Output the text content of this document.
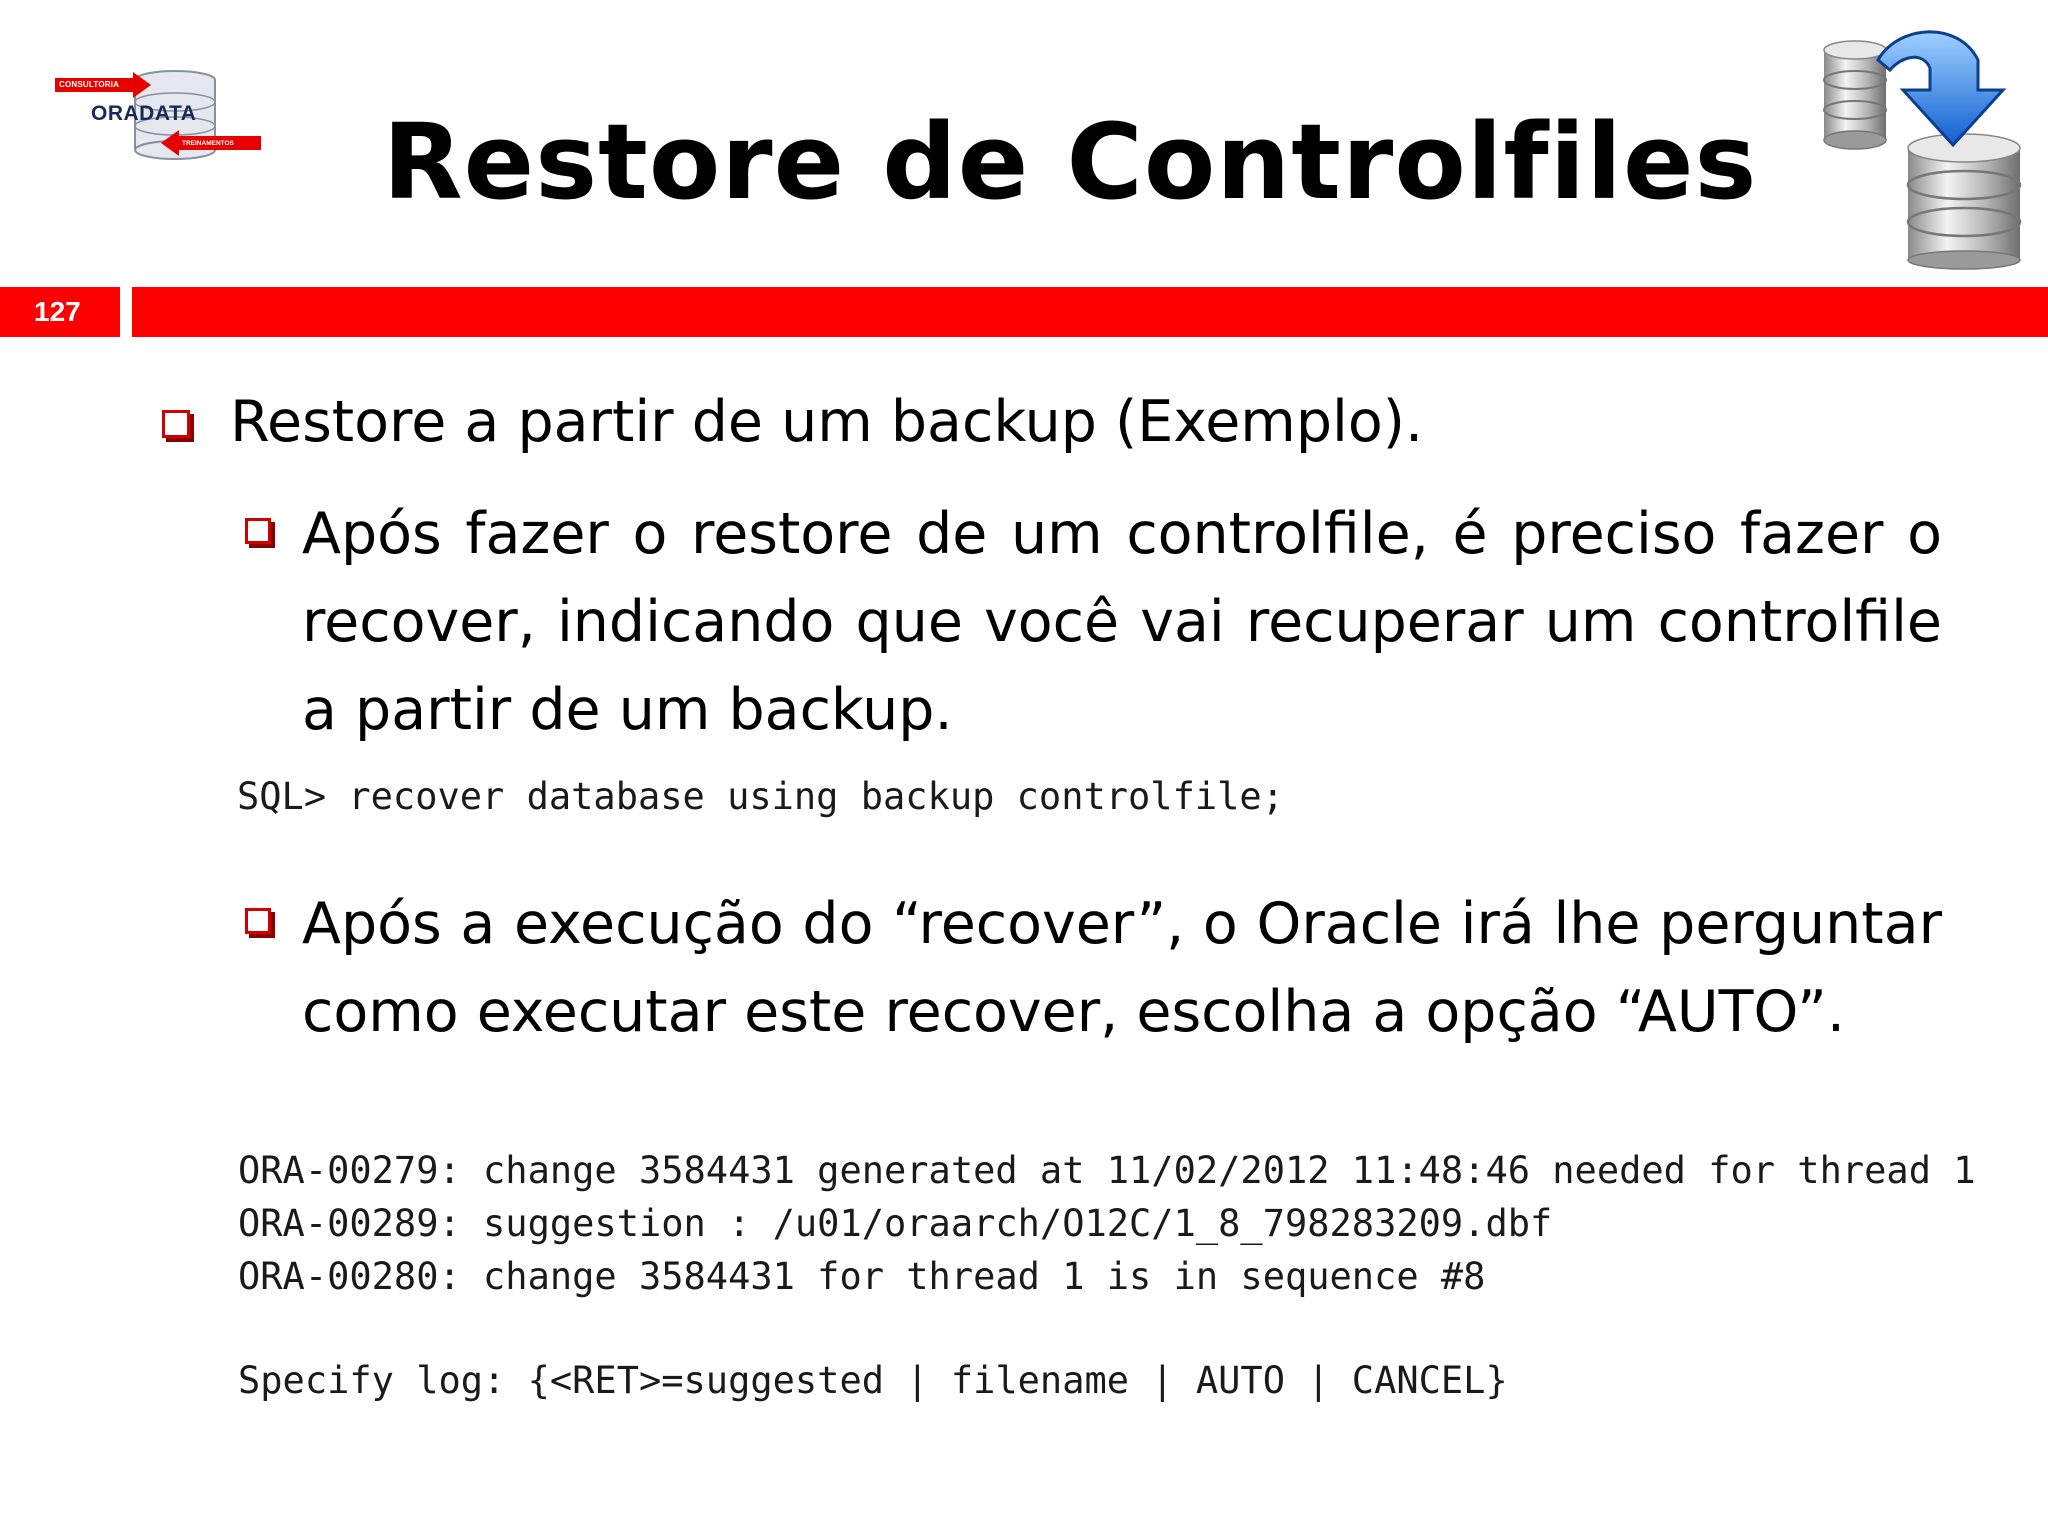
CONSULTORIA
ORADATA
TREINAMENTOS	Restore de Controlfiles
127

Restore a partir de um backup (Exemplo).

Após fazer o restore de um controlfile, é preciso fazer o recover, indicando que você vai recuperar um controlfile a partir de um backup.

SQL> recover database using backup controlfile;

Após a execução do “recover”, o Oracle irá lhe perguntar como executar este recover, escolha a opção “AUTO”.

ORA-00279: change 3584431 generated at 11/02/2012 11:48:46 needed for thread 1
ORA-00289: suggestion : /u01/oraarch/O12C/1_8_798283209.dbf
ORA-00280: change 3584431 for thread 1 is in sequence #8
Specify log: {<RET>=suggested | filename | AUTO | CANCEL}
